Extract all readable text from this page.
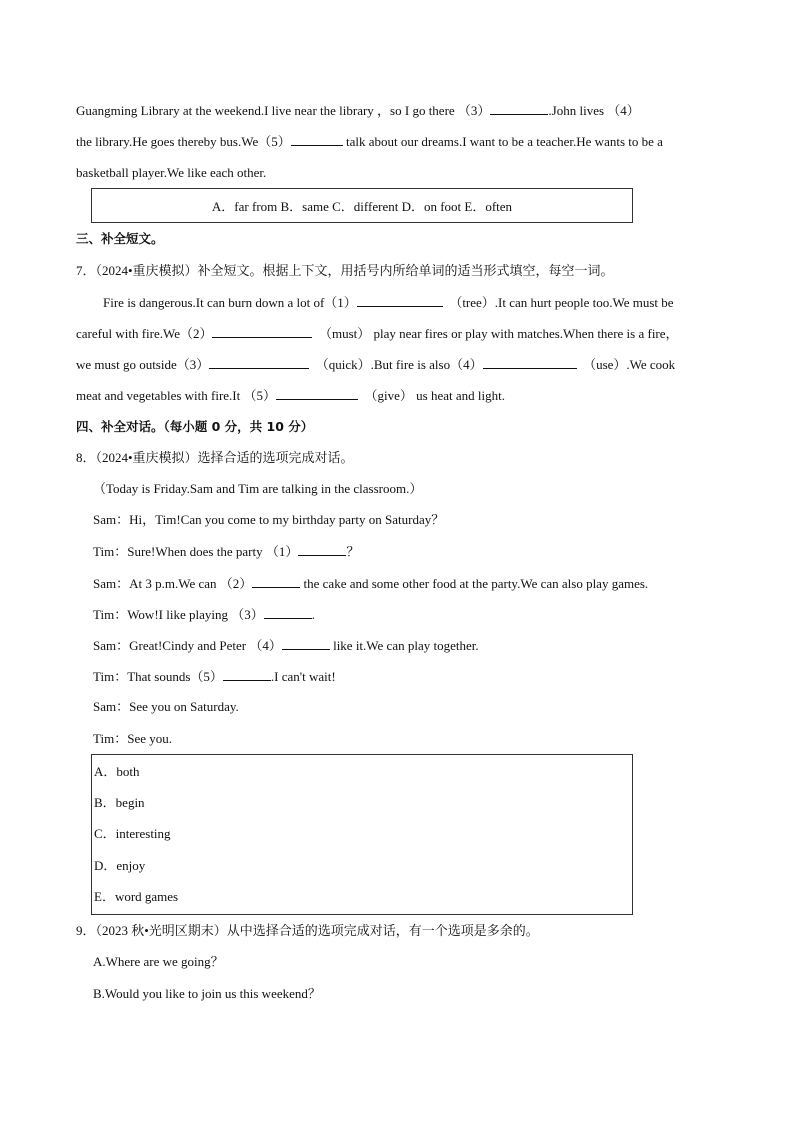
Guangming Library at the weekend.I live near the library ，so I go there （3）	.John lives （4）
the library.He goes thereby bus.We（5）	talk about our dreams.I want to be a teacher.He wants to be a
basketball player.We like each other.
A．far from B．same C．different D．on foot E．often
三、补全短文。
7．（2024•重庆模拟）补全短文。根据上下文，用括号内所给单词的适当形式填空，每空一词。
Fire is dangerous.It can burn down a lot of（1）	（tree）.It can hurt people too.We must be
careful with fire.We（2）	（must） play near fires or play with matches.When there is a fire，
we must go outside（3）	（quick）.But fire is also（4）	（use）.We cook
meat and vegetables with fire.It （5）	（give） us heat and light.
四、补全对话。（每小题 0 分，共 10 分）
8．（2024•重庆模拟）选择合适的选项完成对话。
（Today is Friday.Sam and Tim are talking in the classroom.）
Sam：Hi，Tim!Can you come to my birthday party on Saturday？
Tim：Sure!When does the party （1）	？
Sam：At 3 p.m.We can （2）	the cake and some other food at the party.We can also play games.
Tim：Wow!I like playing （3）	.
Sam：Great!Cindy and Peter （4）	like it.We can play together.
Tim：That sounds（5）	.I can't wait!
Sam：See you on Saturday.
Tim：See you.
A．both
B．begin
C．interesting
D．enjoy
E．word games
9．（2023 秋•光明区期末）从中选择合适的选项完成对话，有一个选项是多余的。
A.Where are we going？
B.Would you like to join us this weekend？
